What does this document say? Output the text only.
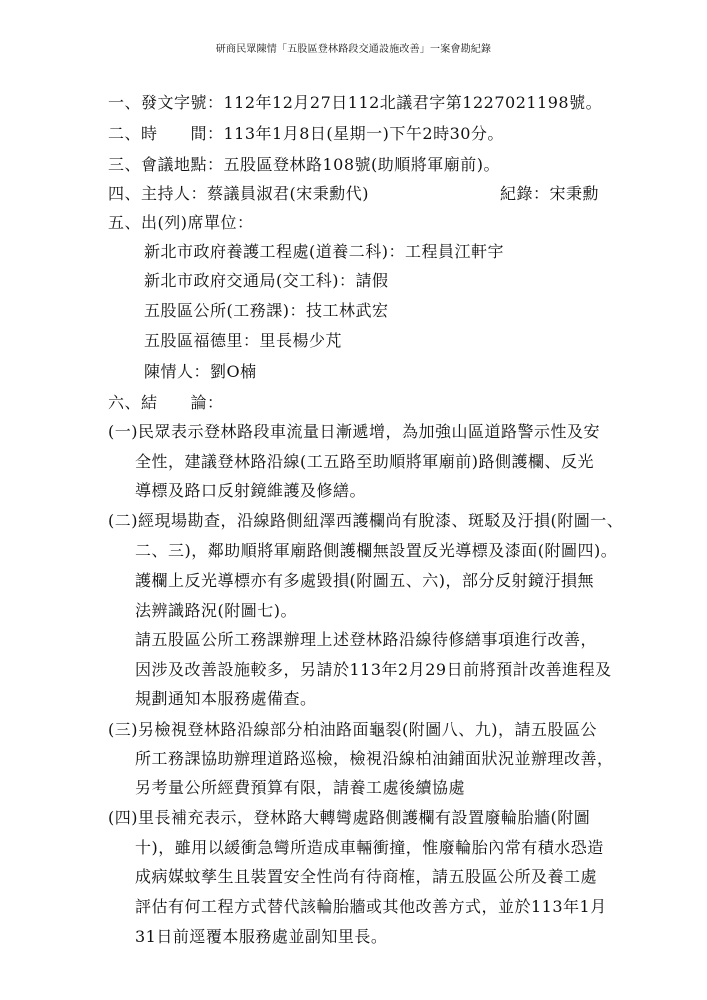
研商民眾陳情「五股區登林路段交通設施改善」一案會勘紀錄
一、發文字號：112年12月27日112北議君字第1227021198號。
二、時　　間：113年1月8日(星期一)下午2時30分。
三、會議地點：五股區登林路108號(助順將軍廟前)。
四、主持人：蔡議員淑君(宋秉勳代)	紀錄：宋秉勳
五、出(列)席單位：
新北市政府養護工程處(道養二科)：工程員江軒宇
新北市政府交通局(交工科)：請假
五股區公所(工務課)：技工林武宏
五股區福德里：里長楊少芃
陳情人：劉O楠
六、結　　論：
(一)民眾表示登林路段車流量日漸遞增，為加強山區道路警示性及安
全性，建議登林路沿線(工五路至助順將軍廟前)路側護欄、反光
導標及路口反射鏡維護及修繕。
(二)經現場勘查，沿線路側紐澤西護欄尚有脫漆、斑駁及汙損(附圖一、
二、三)，鄰助順將軍廟路側護欄無設置反光導標及漆面(附圖四)。
護欄上反光導標亦有多處毀損(附圖五、六)，部分反射鏡汙損無
法辨識路況(附圖七)。
請五股區公所工務課辦理上述登林路沿線待修繕事項進行改善，
因涉及改善設施較多，另請於113年2月29日前將預計改善進程及
規劃通知本服務處備查。
(三)另檢視登林路沿線部分柏油路面龜裂(附圖八、九)，請五股區公
所工務課協助辦理道路巡檢，檢視沿線柏油鋪面狀況並辦理改善，
另考量公所經費預算有限，請養工處後續協處
(四)里長補充表示，登林路大轉彎處路側護欄有設置廢輪胎牆(附圖
十)，雖用以緩衝急彎所造成車輛衝撞，惟廢輪胎內常有積水恐造
成病媒蚊孳生且裝置安全性尚有待商榷，請五股區公所及養工處
評估有何工程方式替代該輪胎牆或其他改善方式，並於113年1月
31日前逕覆本服務處並副知里長。
